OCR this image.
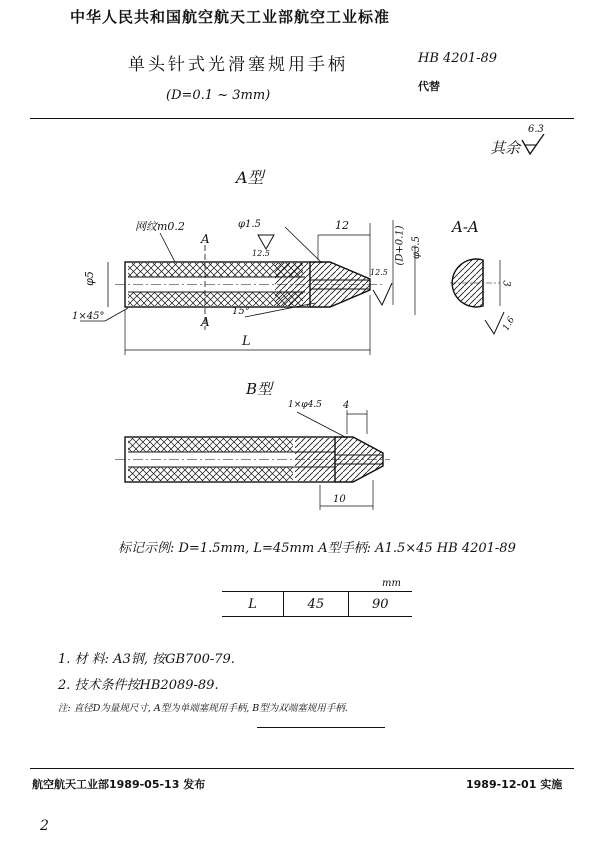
中华人民共和国航空航天工业部航空工业标准
单头针式光滑塞规用手柄
(D=0.1 ~ 3mm)
HB 4201-89
代替
其余
6.3
A型
网纹m0.2
A
A
φ5
1×45°
φ1.5
12.5
12	(D+0.1) φ3.5
12.5
15°
L
A-A
3
1.6
B型
1×φ4.5 4
10
标记示例: D=1.5mm, L=45mm A型手柄: A1.5×45 HB 4201-89
mm
L	45	90
1. 材 料: A3钢, 按GB700-79.
2. 技术条件按HB2089-89.
注: 直径D为量规尺寸, A型为单端塞规用手柄, B型为双端塞规用手柄.
航空航天工业部1989-05-13 发布	1989-12-01 实施
2
